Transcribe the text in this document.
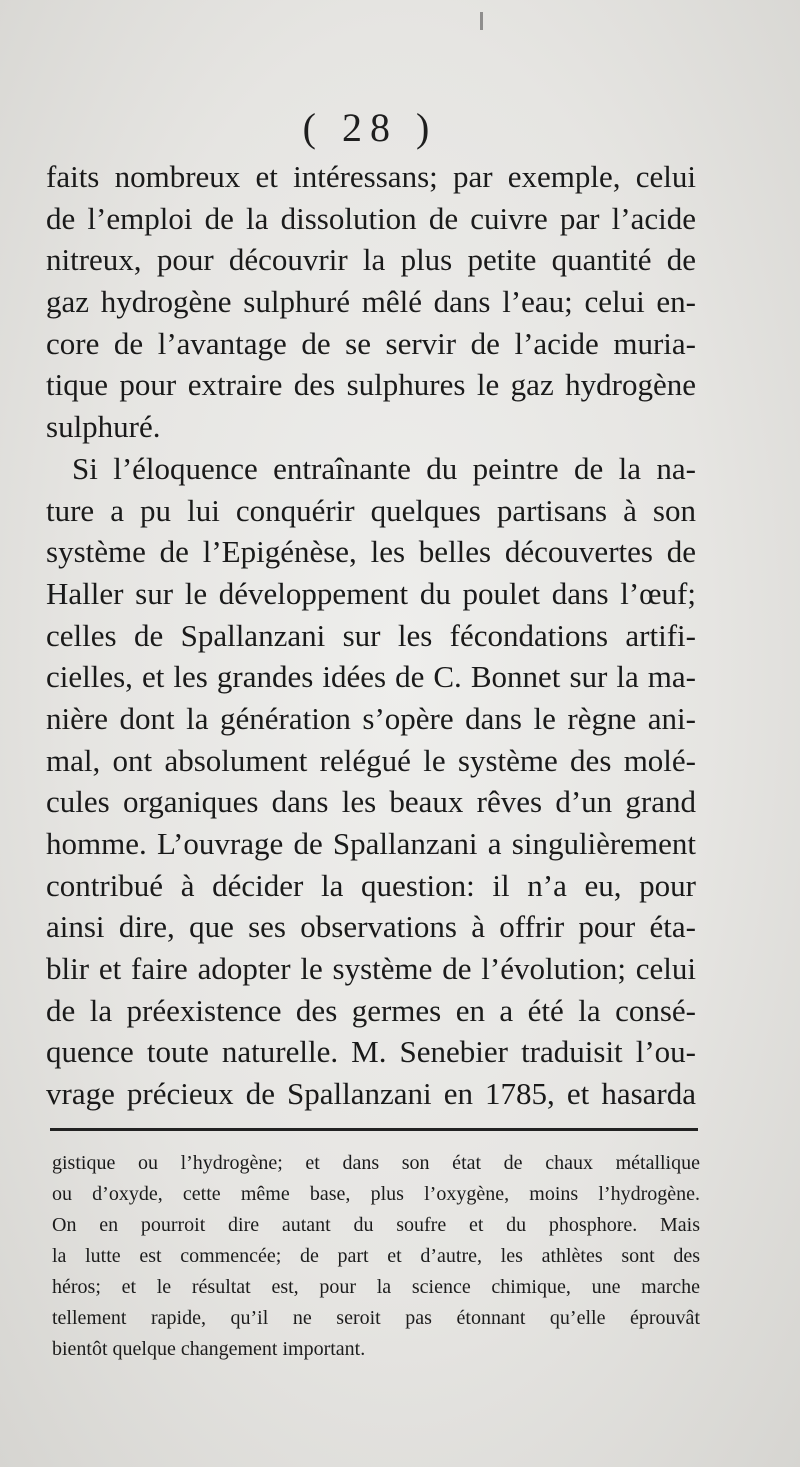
( 28 )
faits nombreux et intéressans; par exemple, celui
de l’emploi de la dissolution de cuivre par l’acide
nitreux, pour découvrir la plus petite quantité de
gaz hydrogène sulphuré mêlé dans l’eau; celui en-
core de l’avantage de se servir de l’acide muria-
tique pour extraire des sulphures le gaz hydrogène
sulphuré.
Si l’éloquence entraînante du peintre de la na-
ture a pu lui conquérir quelques partisans à son
système de l’Epigénèse, les belles découvertes de
Haller sur le développement du poulet dans l’œuf;
celles de Spallanzani sur les fécondations artifi-
cielles, et les grandes idées de C. Bonnet sur la ma-
nière dont la génération s’opère dans le règne ani-
mal, ont absolument relégué le système des molé-
cules organiques dans les beaux rêves d’un grand
homme. L’ouvrage de Spallanzani a singulièrement
contribué à décider la question: il n’a eu, pour
ainsi dire, que ses observations à offrir pour éta-
blir et faire adopter le système de l’évolution; celui
de la préexistence des germes en a été la consé-
quence toute naturelle. M. Senebier traduisit l’ou-
vrage précieux de Spallanzani en 1785, et hasarda
gistique ou l’hydrogène; et dans son état de chaux métallique
ou d’oxyde, cette même base, plus l’oxygène, moins l’hydrogène.
On en pourroit dire autant du soufre et du phosphore. Mais
la lutte est commencée; de part et d’autre, les athlètes sont des
héros; et le résultat est, pour la science chimique, une marche
tellement rapide, qu’il ne seroit pas étonnant qu’elle éprouvât
bientôt quelque changement important.
